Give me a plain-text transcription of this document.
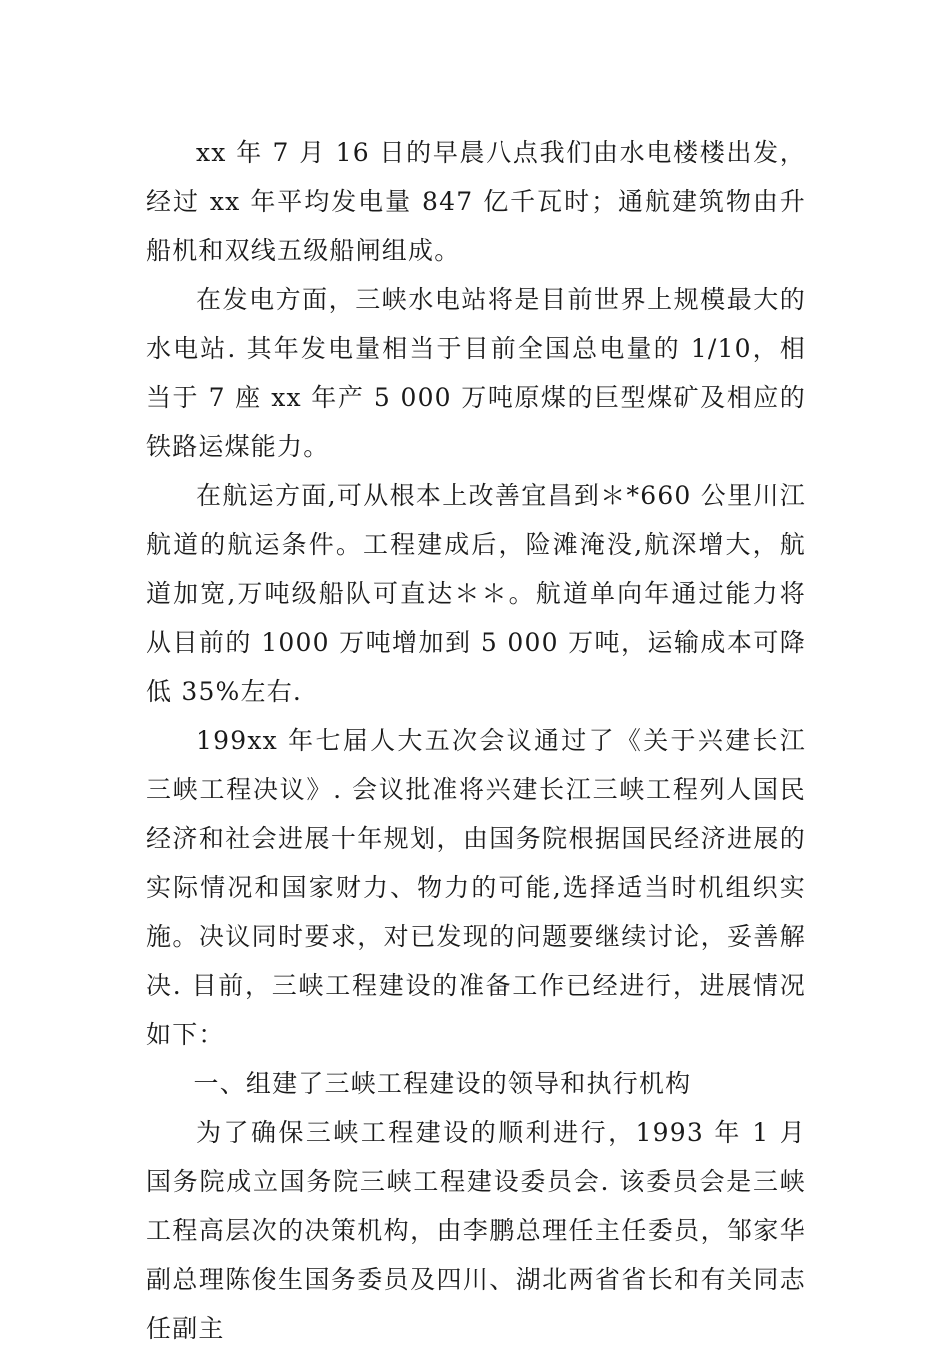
xx 年 7 月 16 日的早晨八点我们由水电楼楼出发，经过 xx 年平均发电量 847 亿千瓦时；通航建筑物由升船机和双线五级船闸组成。

在发电方面，三峡水电站将是目前世界上规模最大的水电站. 其年发电量相当于目前全国总电量的 1/10，相当于 7 座 xx 年产 5 000 万吨原煤的巨型煤矿及相应的铁路运煤能力。

在航运方面,可从根本上改善宜昌到＊*660 公里川江航道的航运条件。工程建成后，险滩淹没,航深增大，航道加宽,万吨级船队可直达＊＊。航道单向年通过能力将从目前的 1000 万吨增加到 5 000 万吨，运输成本可降低 35%左右.

199xx 年七届人大五次会议通过了《关于兴建长江三峡工程决议》. 会议批准将兴建长江三峡工程列人国民经济和社会进展十年规划，由国务院根据国民经济进展的实际情况和国家财力、物力的可能,选择适当时机组织实施。决议同时要求，对已发现的问题要继续讨论，妥善解决. 目前，三峡工程建设的准备工作已经进行，进展情况如下：

一、组建了三峡工程建设的领导和执行机构

为了确保三峡工程建设的顺利进行，1993 年 1 月国务院成立国务院三峡工程建设委员会. 该委员会是三峡工程高层次的决策机构，由李鹏总理任主任委员，邹家华副总理陈俊生国务委员及四川、湖北两省省长和有关同志任副主
